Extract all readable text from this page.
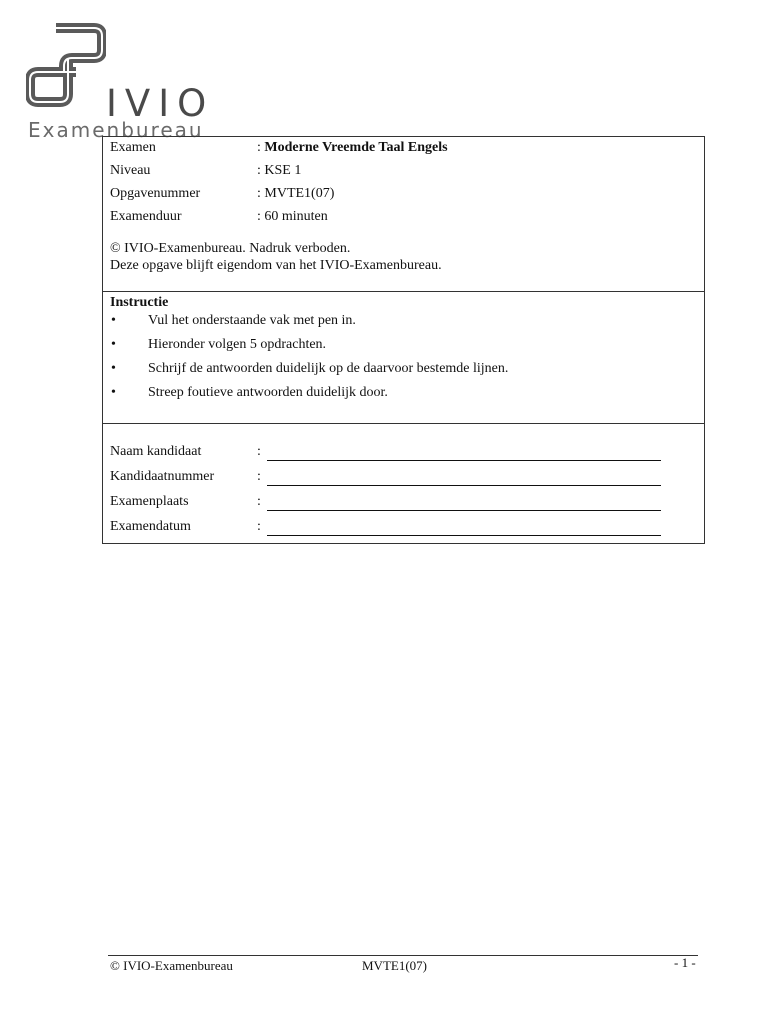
IVIO
Examenbureau
Examen	: Moderne Vreemde Taal Engels
Niveau	: KSE 1
Opgavenummer	: MVTE1(07)
Examenduur	: 60 minuten
© IVIO-Examenbureau. Nadruk verboden.
Deze opgave blijft eigendom van het IVIO-Examenbureau.
Instructie
• Vul het onderstaande vak met pen in.
• Hieronder volgen 5 opdrachten.
• Schrijf de antwoorden duidelijk op de daarvoor bestemde lijnen.
• Streep foutieve antwoorden duidelijk door.
Naam kandidaat	:
Kandidaatnummer	:
Examenplaats	:
Examendatum	:
© IVIO-Examenbureau	MVTE1(07)	- 1 -
